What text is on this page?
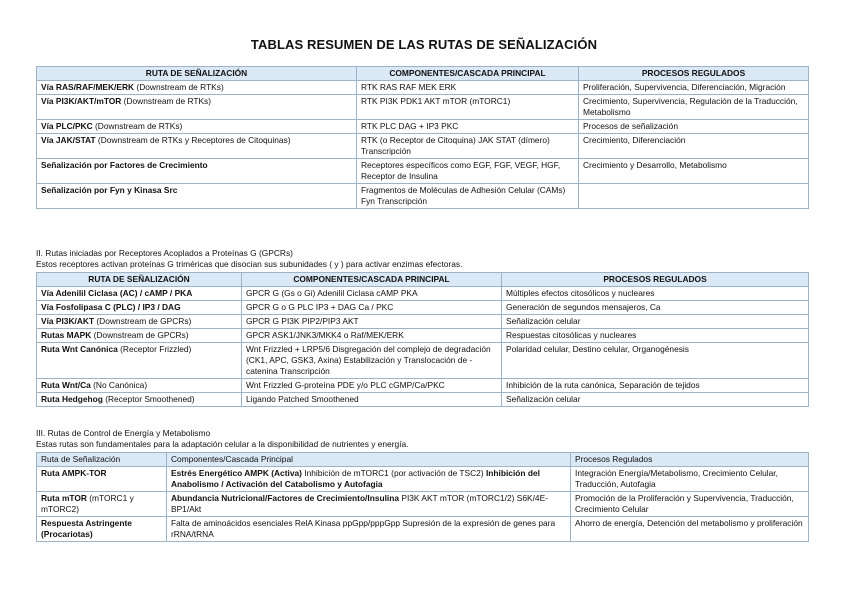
TABLAS RESUMEN DE LAS RUTAS DE SEÑALIZACIÓN
RUTA DE SEÑALIZACIÓN	COMPONENTES/CASCADA PRINCIPAL	PROCESOS REGULADOS
Vía RAS/RAF/MEK/ERK (Downstream de RTKs)	RTK RAS RAF MEK ERK	Proliferación, Supervivencia, Diferenciación, Migración
Vía PI3K/AKT/mTOR (Downstream de RTKs)	RTK PI3K PDK1 AKT mTOR (mTORC1)	Crecimiento, Supervivencia, Regulación de la Traducción, Metabolismo
Vía PLC/PKC (Downstream de RTKs)	RTK PLC DAG + IP3 PKC	Procesos de señalización
Vía JAK/STAT (Downstream de RTKs y Receptores de Citoquinas)	RTK (o Receptor de Citoquina) JAK STAT (dímero) Transcripción	Crecimiento, Diferenciación
Señalización por Factores de Crecimiento	Receptores específicos como EGF, FGF, VEGF, HGF, Receptor de Insulina	Crecimiento y Desarrollo, Metabolismo
Señalización por Fyn y Kinasa Src	Fragmentos de Moléculas de Adhesión Celular (CAMs) Fyn Transcripción	
II. Rutas iniciadas por Receptores Acoplados a Proteínas G (GPCRs)
Estos receptores activan proteínas G triméricas que disocian sus subunidades ( y ) para activar enzimas efectoras.
RUTA DE SEÑALIZACIÓN	COMPONENTES/CASCADA PRINCIPAL	PROCESOS REGULADOS
Vía Adenilil Ciclasa (AC) / cAMP / PKA	GPCR G (Gs o Gi) Adenilil Ciclasa cAMP PKA	Múltiples efectos citosólicos y nucleares
Vía Fosfolipasa C (PLC) / IP3 / DAG	GPCR G o G PLC IP3 + DAG Ca / PKC	Generación de segundos mensajeros, Ca
Vía PI3K/AKT (Downstream de GPCRs)	GPCR G PI3K PIP2/PIP3 AKT	Señalización celular
Rutas MAPK (Downstream de GPCRs)	GPCR ASK1/JNK3/MKK4 o Raf/MEK/ERK	Respuestas citosólicas y nucleares
Ruta Wnt Canónica (Receptor Frizzled)	Wnt Frizzled + LRP5/6 Disgregación del complejo de degradación (CK1, APC, GSK3, Axina) Estabilización y Translocación de -catenina Transcripción	Polaridad celular, Destino celular, Organogénesis
Ruta Wnt/Ca (No Canónica)	Wnt Frizzled G-proteína PDE y/o PLC cGMP/Ca/PKC	Inhibición de la ruta canónica, Separación de tejidos
Ruta Hedgehog (Receptor Smoothened)	Ligando Patched Smoothened	Señalización celular
III. Rutas de Control de Energía y Metabolismo
Estas rutas son fundamentales para la adaptación celular a la disponibilidad de nutrientes y energía.
Ruta de Señalización	Componentes/Cascada Principal	Procesos Regulados
Ruta AMPK-TOR	Estrés Energético AMPK (Activa) Inhibición de mTORC1 (por activación de TSC2) Inhibición del Anabolismo / Activación del Catabolismo y Autofagia	Integración Energía/Metabolismo, Crecimiento Celular, Traducción, Autofagia
Ruta mTOR (mTORC1 y mTORC2)	Abundancia Nutricional/Factores de Crecimiento/Insulina PI3K AKT mTOR (mTORC1/2) S6K/4E-BP1/Akt	Promoción de la Proliferación y Supervivencia, Traducción, Crecimiento Celular
Respuesta Astringente (Procariotas)	Falta de aminoácidos esenciales RelA Kinasa ppGpp/pppGpp Supresión de la expresión de genes para rRNA/tRNA	Ahorro de energía, Detención del metabolismo y proliferación
